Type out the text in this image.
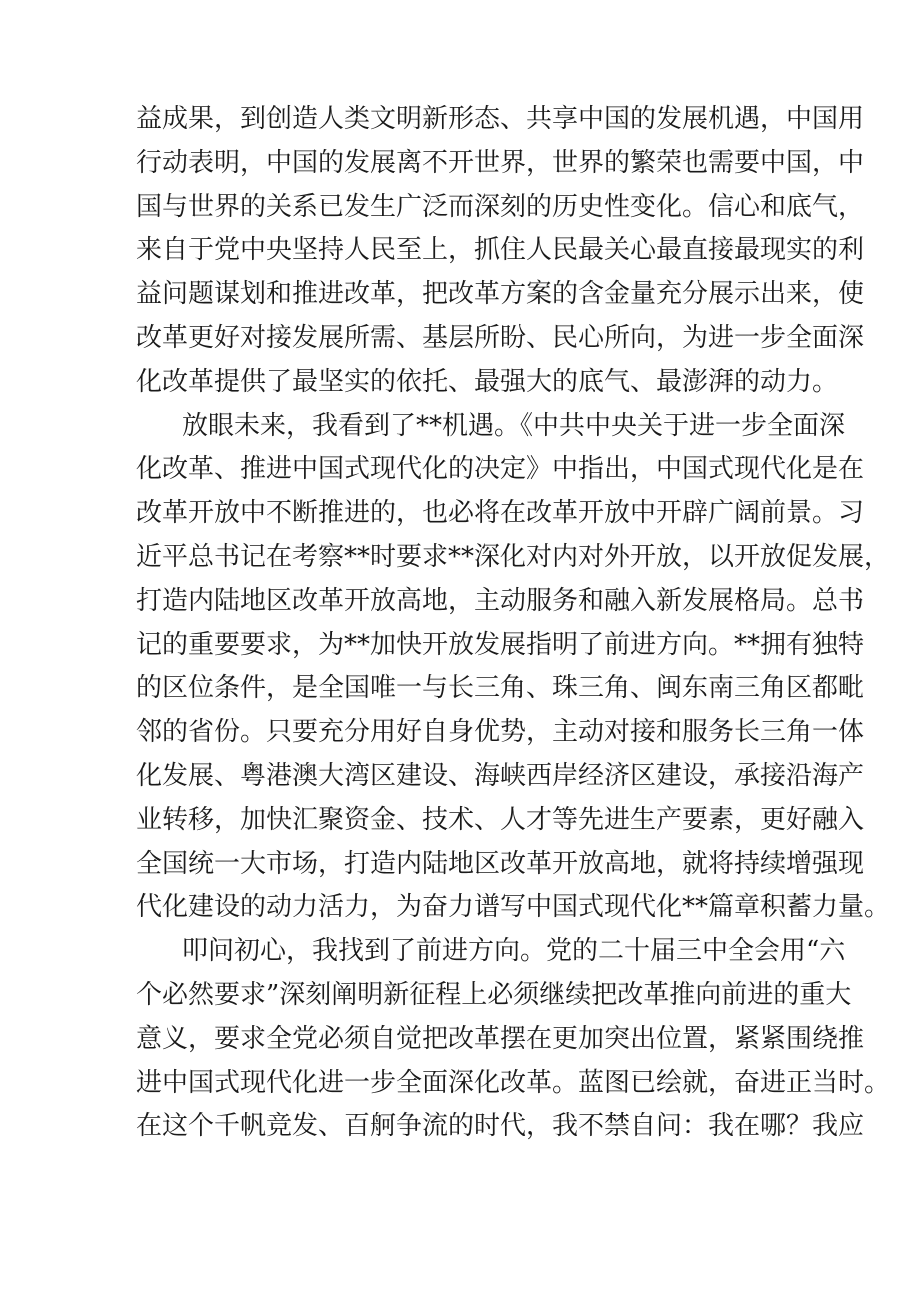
益成果，到创造人类文明新形态、共享中国的发展机遇，中国用
行动表明，中国的发展离不开世界，世界的繁荣也需要中国，中
国与世界的关系已发生广泛而深刻的历史性变化。信心和底气，
来自于党中央坚持人民至上，抓住人民最关心最直接最现实的利
益问题谋划和推进改革，把改革方案的含金量充分展示出来，使
改革更好对接发展所需、基层所盼、民心所向，为进一步全面深
化改革提供了最坚实的依托、最强大的底气、最澎湃的动力。
放眼未来，我看到了**机遇。《中共中央关于进一步全面深
化改革、推进中国式现代化的决定》中指出，中国式现代化是在
改革开放中不断推进的，也必将在改革开放中开辟广阔前景。习
近平总书记在考察**时要求**深化对内对外开放，以开放促发展，
打造内陆地区改革开放高地，主动服务和融入新发展格局。总书
记的重要要求，为**加快开放发展指明了前进方向。**拥有独特
的区位条件，是全国唯一与长三角、珠三角、闽东南三角区都毗
邻的省份。只要充分用好自身优势，主动对接和服务长三角一体
化发展、粤港澳大湾区建设、海峡西岸经济区建设，承接沿海产
业转移，加快汇聚资金、技术、人才等先进生产要素，更好融入
全国统一大市场，打造内陆地区改革开放高地，就将持续增强现
代化建设的动力活力，为奋力谱写中国式现代化**篇章积蓄力量。
叩问初心，我找到了前进方向。党的二十届三中全会用“六
个必然要求”深刻阐明新征程上必须继续把改革推向前进的重大
意义，要求全党必须自觉把改革摆在更加突出位置，紧紧围绕推
进中国式现代化进一步全面深化改革。蓝图已绘就，奋进正当时。
在这个千帆竞发、百舸争流的时代，我不禁自问：我在哪？我应
